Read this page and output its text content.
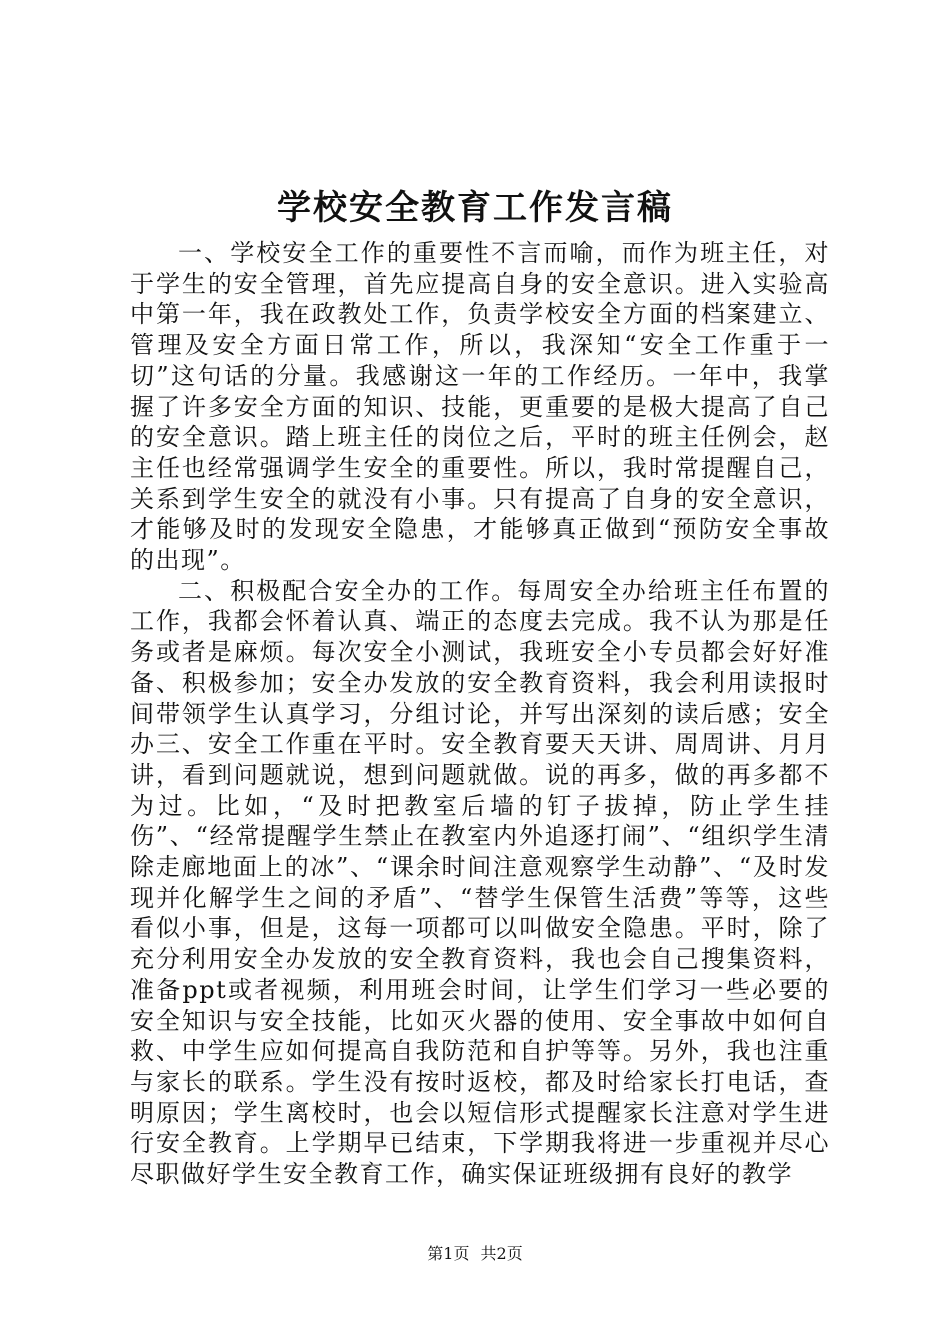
学校安全教育工作发言稿

一、学校安全工作的重要性不言而喻，而作为班主任，对于学生的安全管理，首先应提高自身的安全意识。进入实验高中第一年，我在政教处工作，负责学校安全方面的档案建立、管理及安全方面日常工作，所以，我深知“安全工作重于一切”这句话的分量。我感谢这一年的工作经历。一年中，我掌握了许多安全方面的知识、技能，更重要的是极大提高了自己的安全意识。踏上班主任的岗位之后，平时的班主任例会，赵主任也经常强调学生安全的重要性。所以，我时常提醒自己，关系到学生安全的就没有小事。只有提高了自身的安全意识，才能够及时的发现安全隐患，才能够真正做到“预防安全事故的出现”。

二、积极配合安全办的工作。每周安全办给班主任布置的工作，我都会怀着认真、端正的态度去完成。我不认为那是任务或者是麻烦。每次安全小测试，我班安全小专员都会好好准备、积极参加；安全办发放的安全教育资料，我会利用读报时间带领学生认真学习，分组讨论，并写出深刻的读后感；安全办三、安全工作重在平时。安全教育要天天讲、周周讲、月月讲，看到问题就说，想到问题就做。说的再多，做的再多都不为过。比如，“及时把教室后墙的钉子拔掉，防止学生挂伤”、“经常提醒学生禁止在教室内外追逐打闹”、“组织学生清除走廊地面上的冰”、“课余时间注意观察学生动静”、“及时发现并化解学生之间的矛盾”、“替学生保管生活费”等等，这些看似小事，但是，这每一项都可以叫做安全隐患。平时，除了充分利用安全办发放的安全教育资料，我也会自己搜集资料，准备ppt或者视频，利用班会时间，让学生们学习一些必要的安全知识与安全技能，比如灭火器的使用、安全事故中如何自救、中学生应如何提高自我防范和自护等等。另外，我也注重与家长的联系。学生没有按时返校，都及时给家长打电话，查明原因；学生离校时，也会以短信形式提醒家长注意对学生进行安全教育。上学期早已结束，下学期我将进一步重视并尽心尽职做好学生安全教育工作，确实保证班级拥有良好的教学

第1页 共2页
